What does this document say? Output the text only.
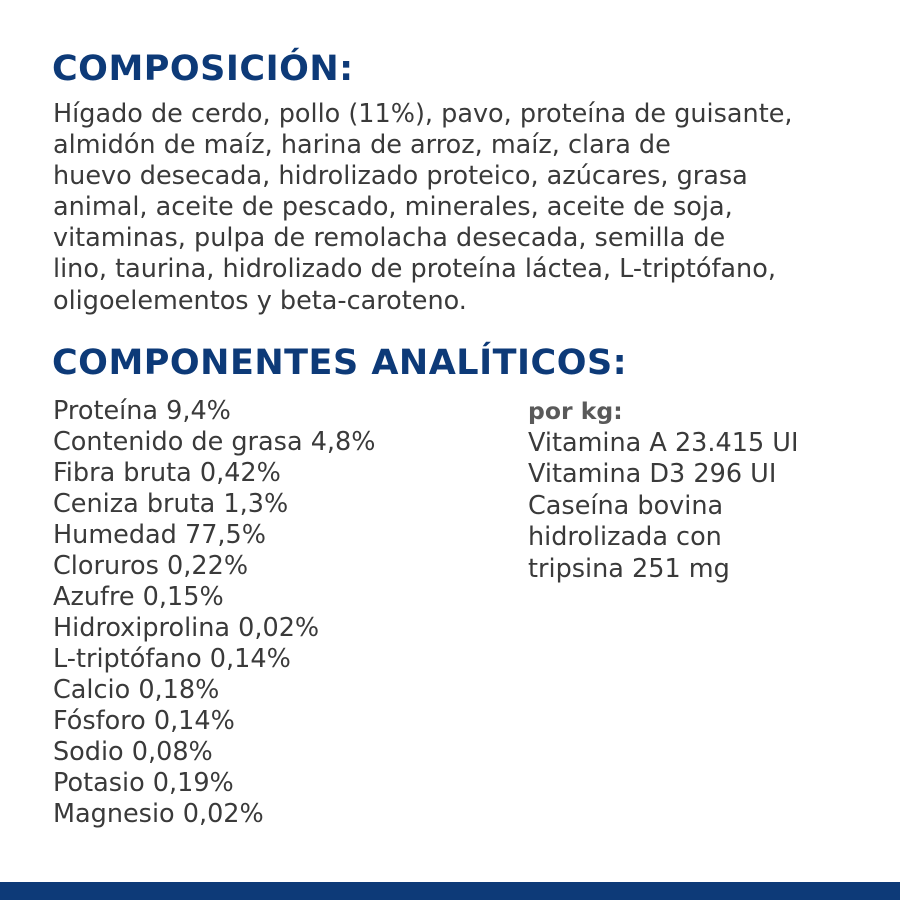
COMPOSICIÓN:
Hígado de cerdo, pollo (11%), pavo, proteína de guisante,
almidón de maíz, harina de arroz, maíz, clara de
huevo desecada, hidrolizado proteico, azúcares, grasa
animal, aceite de pescado, minerales, aceite de soja,
vitaminas, pulpa de remolacha desecada, semilla de
lino, taurina, hidrolizado de proteína láctea, L-triptófano,
oligoelementos y beta-caroteno.
COMPONENTES ANALÍTICOS:
Proteína 9,4%
Contenido de grasa 4,8%
Fibra bruta 0,42%
Ceniza bruta 1,3%
Humedad 77,5%
Cloruros 0,22%
Azufre 0,15%
Hidroxiprolina 0,02%
L-triptófano 0,14%
Calcio 0,18%
Fósforo 0,14%
Sodio 0,08%
Potasio 0,19%
Magnesio 0,02%
por kg:
Vitamina A 23.415 UI
Vitamina D3 296 UI
Caseína bovina
hidrolizada con
tripsina 251 mg
